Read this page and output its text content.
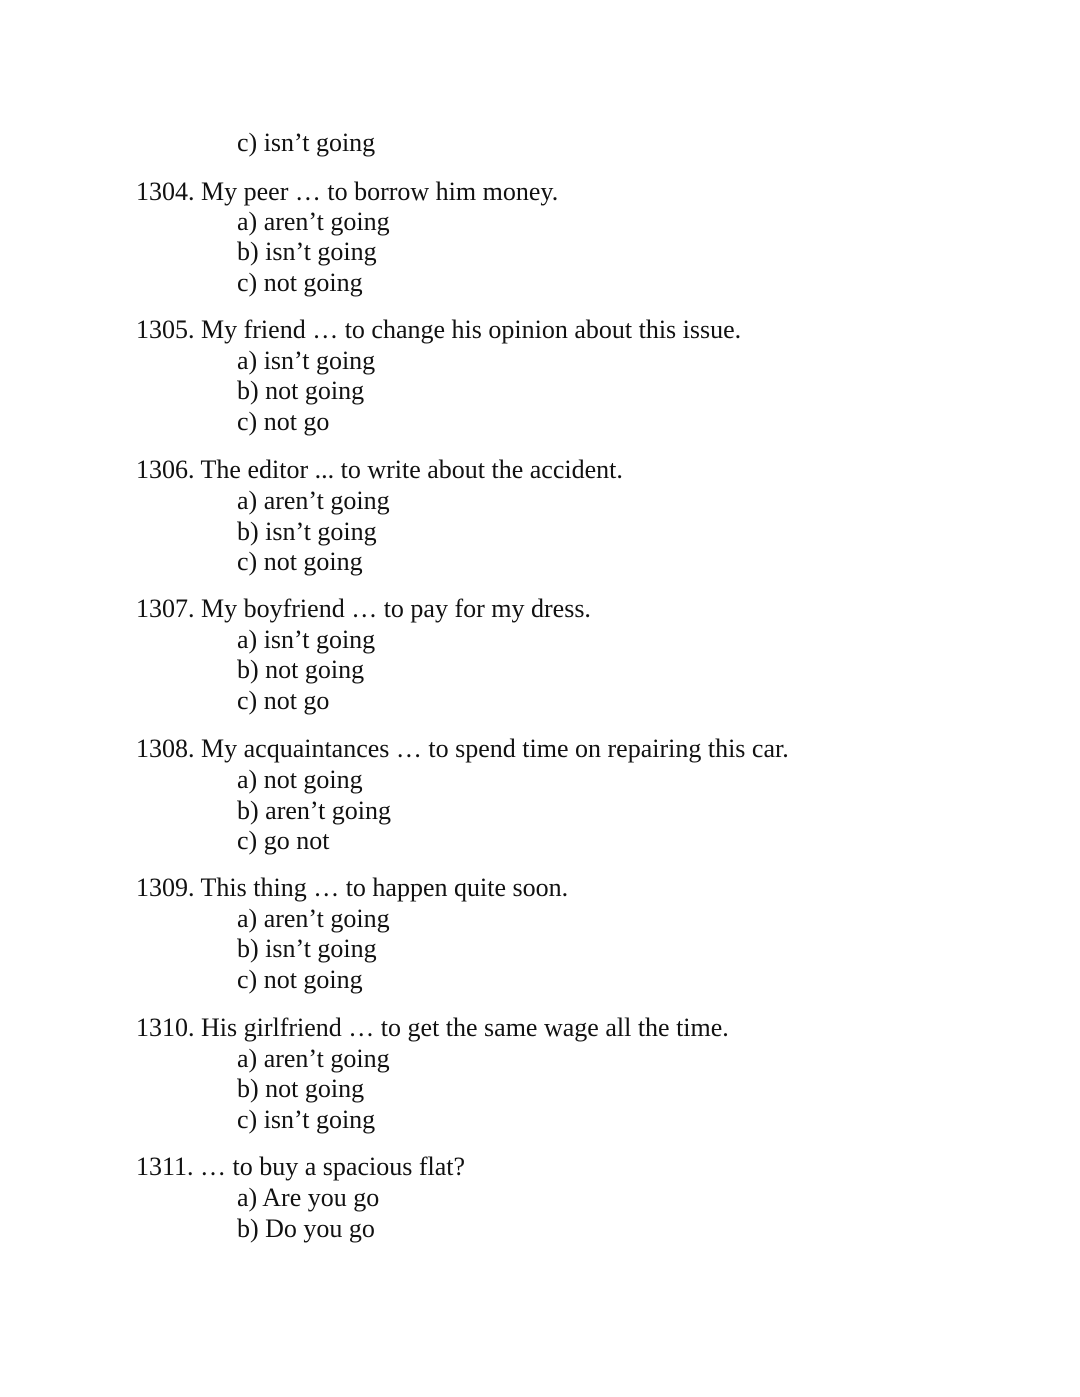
c) isn’t going
1304. My peer … to borrow him money.
a) aren’t going
b) isn’t going
c) not going
1305. My friend … to change his opinion about this issue.
a) isn’t going
b) not going
c) not go
1306. The editor ... to write about the accident.
a) aren’t going
b) isn’t going
c) not going
1307. My boyfriend … to pay for my dress.
a) isn’t going
b) not going
c) not go
1308. My acquaintances … to spend time on repairing this car.
a) not going
b) aren’t going
c) go not
1309. This thing … to happen quite soon.
a) aren’t going
b) isn’t going
c) not going
1310. His girlfriend … to get the same wage all the time.
a) aren’t going
b) not going
c) isn’t going
1311. … to buy a spacious flat?
a) Are you go
b) Do you go
